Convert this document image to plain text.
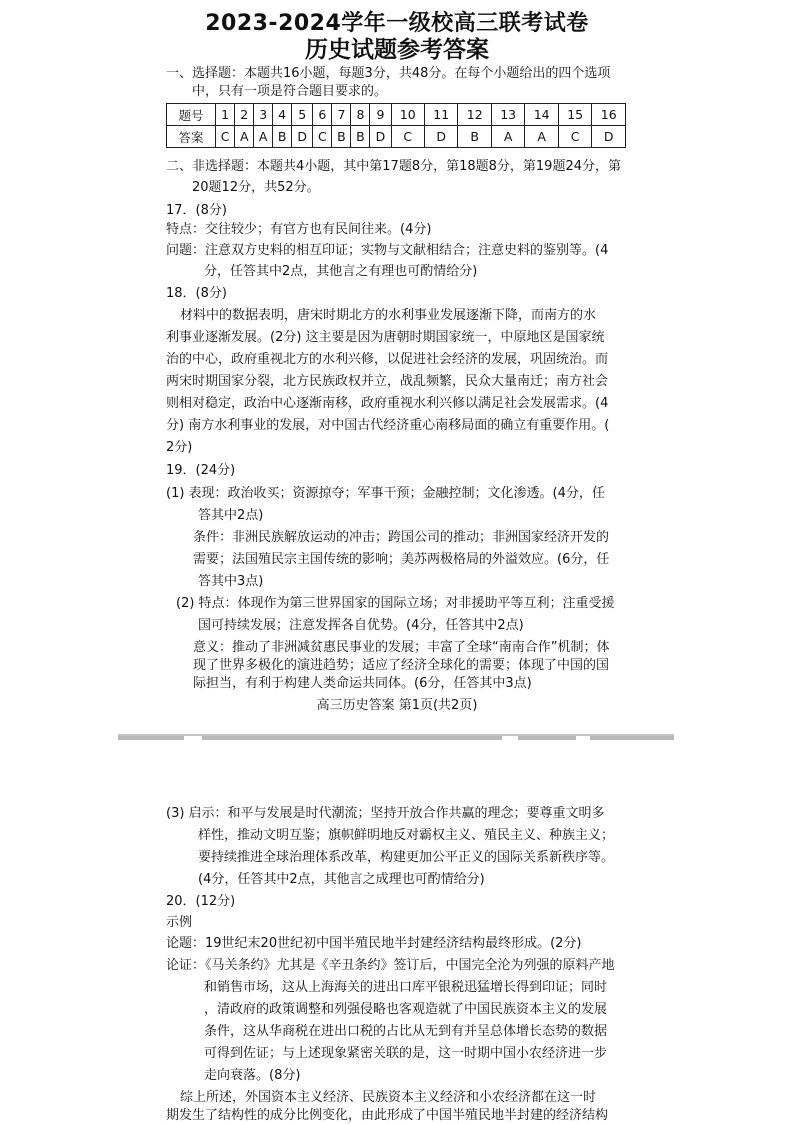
2023-2024学年一级校高三联考试卷
历史试题参考答案
一、选择题：本题共16小题，每题3分，共48分。在每个小题给出的四个选项
中，只有一项是符合题目要求的。
题号	1	2	3	4	5	6	7	8	9	10	11	12	13	14	15	16
答案	C	A	A	B	D	C	B	B	D	C	D	B	A	A	C	D
二、非选择题：本题共4小题，其中第17题8分，第18题8分，第19题24分，第
20题12分，共52分。
17．(8分)
特点：交往较少；有官方也有民间往来。(4分)
问题：注意双方史料的相互印证；实物与文献相结合；注意史料的鉴别等。(4
分，任答其中2点，其他言之有理也可酌情给分)
18．(8分)
材料中的数据表明，唐宋时期北方的水利事业发展逐渐下降，而南方的水
利事业逐渐发展。(2分) 这主要是因为唐朝时期国家统一，中原地区是国家统
治的中心，政府重视北方的水利兴修，以促进社会经济的发展，巩固统治。而
两宋时期国家分裂，北方民族政权并立，战乱频繁，民众大量南迁；南方社会
则相对稳定，政治中心逐渐南移，政府重视水利兴修以满足社会发展需求。(4
分) 南方水利事业的发展，对中国古代经济重心南移局面的确立有重要作用。(
2分)
19．(24分)
(1) 表现：政治收买；资源掠夺；军事干预；金融控制；文化渗透。(4分，任
答其中2点)
条件：非洲民族解放运动的冲击；跨国公司的推动；非洲国家经济开发的
需要；法国殖民宗主国传统的影响；美苏两极格局的外溢效应。(6分，任
答其中3点)
(2) 特点：体现作为第三世界国家的国际立场；对非援助平等互利；注重受援
国可持续发展；注意发挥各自优势。(4分，任答其中2点)
意义：推动了非洲减贫惠民事业的发展；丰富了全球“南南合作”机制；体
现了世界多极化的演进趋势；适应了经济全球化的需要；体现了中国的国
际担当，有利于构建人类命运共同体。(6分，任答其中3点)
高三历史答案 第1页(共2页)
(3) 启示：和平与发展是时代潮流；坚持开放合作共赢的理念；要尊重文明多
样性，推动文明互鉴；旗帜鲜明地反对霸权主义、殖民主义、种族主义；
要持续推进全球治理体系改革，构建更加公平正义的国际关系新秩序等。
(4分，任答其中2点，其他言之成理也可酌情给分)
20．(12分)
示例
论题：19世纪末20世纪初中国半殖民地半封建经济结构最终形成。(2分)
论证：《马关条约》尤其是《辛丑条约》签订后，中国完全沦为列强的原料产地
和销售市场，这从上海海关的进出口库平银税迅猛增长得到印证；同时
，清政府的政策调整和列强侵略也客观造就了中国民族资本主义的发展
条件，这从华商税在进出口税的占比从无到有并呈总体增长态势的数据
可得到佐证；与上述现象紧密关联的是，这一时期中国小农经济进一步
走向衰落。(8分)
综上所述，外国资本主义经济、民族资本主义经济和小农经济都在这一时
期发生了结构性的成分比例变化，由此形成了中国半殖民地半封建的经济结构
